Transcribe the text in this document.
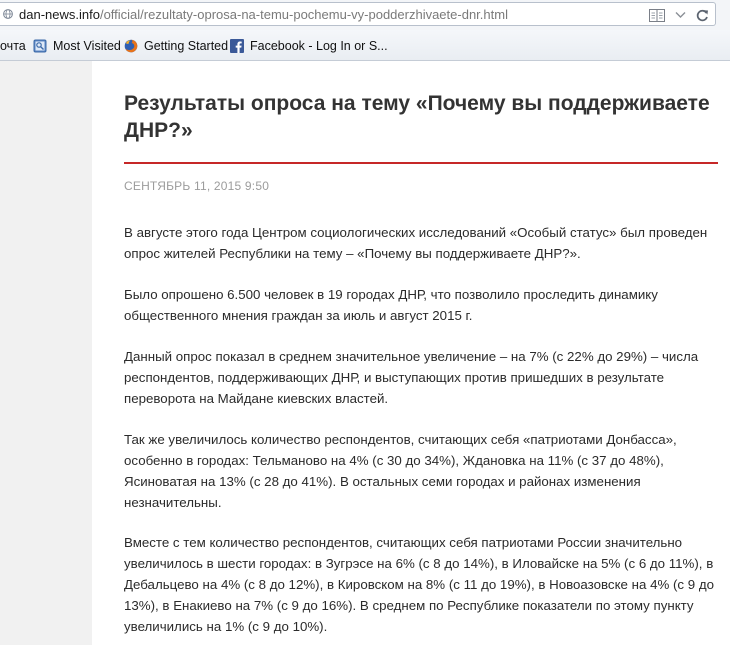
dan-news.info/official/rezultaty-oprosa-na-temu-pochemu-vy-podderzhivaete-dnr.html
очта Most Visited Getting Started Facebook - Log In or S...
Результаты опроса на тему «Почему вы поддерживаете ДНР?»
СЕНТЯБРЬ 11, 2015 9:50

В августе этого года Центром социологических исследований «Особый статус» был проведен опрос жителей Республики на тему – «Почему вы поддерживаете ДНР?».

Было опрошено 6.500 человек в 19 городах ДНР, что позволило проследить динамику общественного мнения граждан за июль и август 2015 г.

Данный опрос показал в среднем значительное увеличение – на 7% (с 22% до 29%) – числа респондентов, поддерживающих ДНР, и выступающих против пришедших в результате переворота на Майдане киевских властей.

Так же увеличилось количество респондентов, считающих себя «патриотами Донбасса», особенно в городах: Тельманово на 4% (с 30 до 34%), Ждановка на 11% (с 37 до 48%), Ясиноватая на 13% (с 28 до 41%). В остальных семи городах и районах изменения незначительны.

Вместе с тем количество респондентов, считающих себя патриотами России значительно увеличилось в шести городах: в Зугрэсе на 6% (с 8 до 14%), в Иловайске на 5% (с 6 до 11%), в Дебальцево на 4% (с 8 до 12%), в Кировском на 8% (с 11 до 19%), в Новоазовске на 4% (с 9 до 13%), в Енакиево на 7% (с 9 до 16%). В среднем по Республике показатели по этому пункту увеличились на 1% (с 9 до 10%).
